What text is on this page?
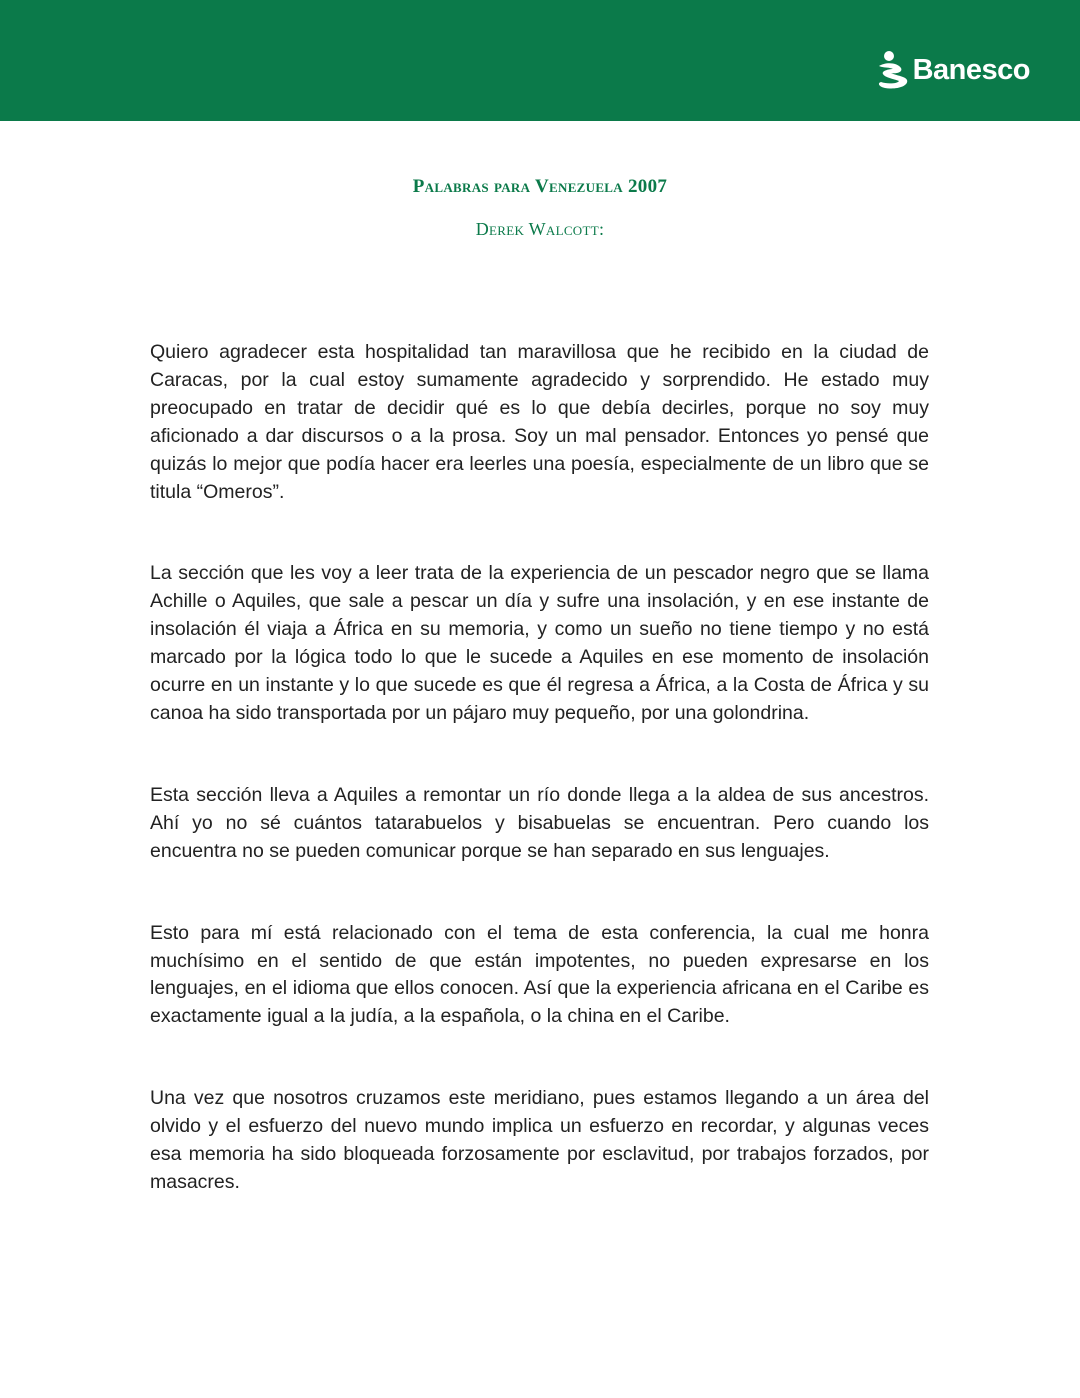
Banesco
Palabras para Venezuela 2007
Derek Walcott:

Quiero agradecer esta hospitalidad tan maravillosa que he recibido en la ciudad de Caracas, por la cual estoy sumamente agradecido y sorprendido. He estado muy preocupado en tratar de decidir qué es lo que debía decirles, porque no soy muy aficionado a dar discursos o a la prosa. Soy un mal pensador. Entonces yo pensé que quizás lo mejor que podía hacer era leerles una poesía, especialmente de un libro que se titula “Omeros”.

La sección que les voy a leer trata de la experiencia de un pescador negro que se llama Achille o Aquiles, que sale a pescar un día y sufre una insolación, y en ese instante de insolación él viaja a África en su memoria, y como un sueño no tiene tiempo y no está marcado por la lógica todo lo que le sucede a Aquiles en ese momento de insolación ocurre en un instante y lo que sucede es que él regresa a África, a la Costa de África y su canoa ha sido transportada por un pájaro muy pequeño, por una golondrina.

Esta sección lleva a Aquiles a remontar un río donde llega a la aldea de sus ancestros. Ahí yo no sé cuántos tatarabuelos y bisabuelas se encuentran. Pero cuando los encuentra no se pueden comunicar porque se han separado en sus lenguajes.

Esto para mí está relacionado con el tema de esta conferencia, la cual me honra muchísimo en el sentido de que están impotentes, no pueden expresarse en los lenguajes, en el idioma que ellos conocen. Así que la experiencia africana en el Caribe es exactamente igual a la judía, a la española, o la china en el Caribe.

Una vez que nosotros cruzamos este meridiano, pues estamos llegando a un área del olvido y el esfuerzo del nuevo mundo implica un esfuerzo en recordar, y algunas veces esa memoria ha sido bloqueada forzosamente por esclavitud, por trabajos forzados, por masacres.
